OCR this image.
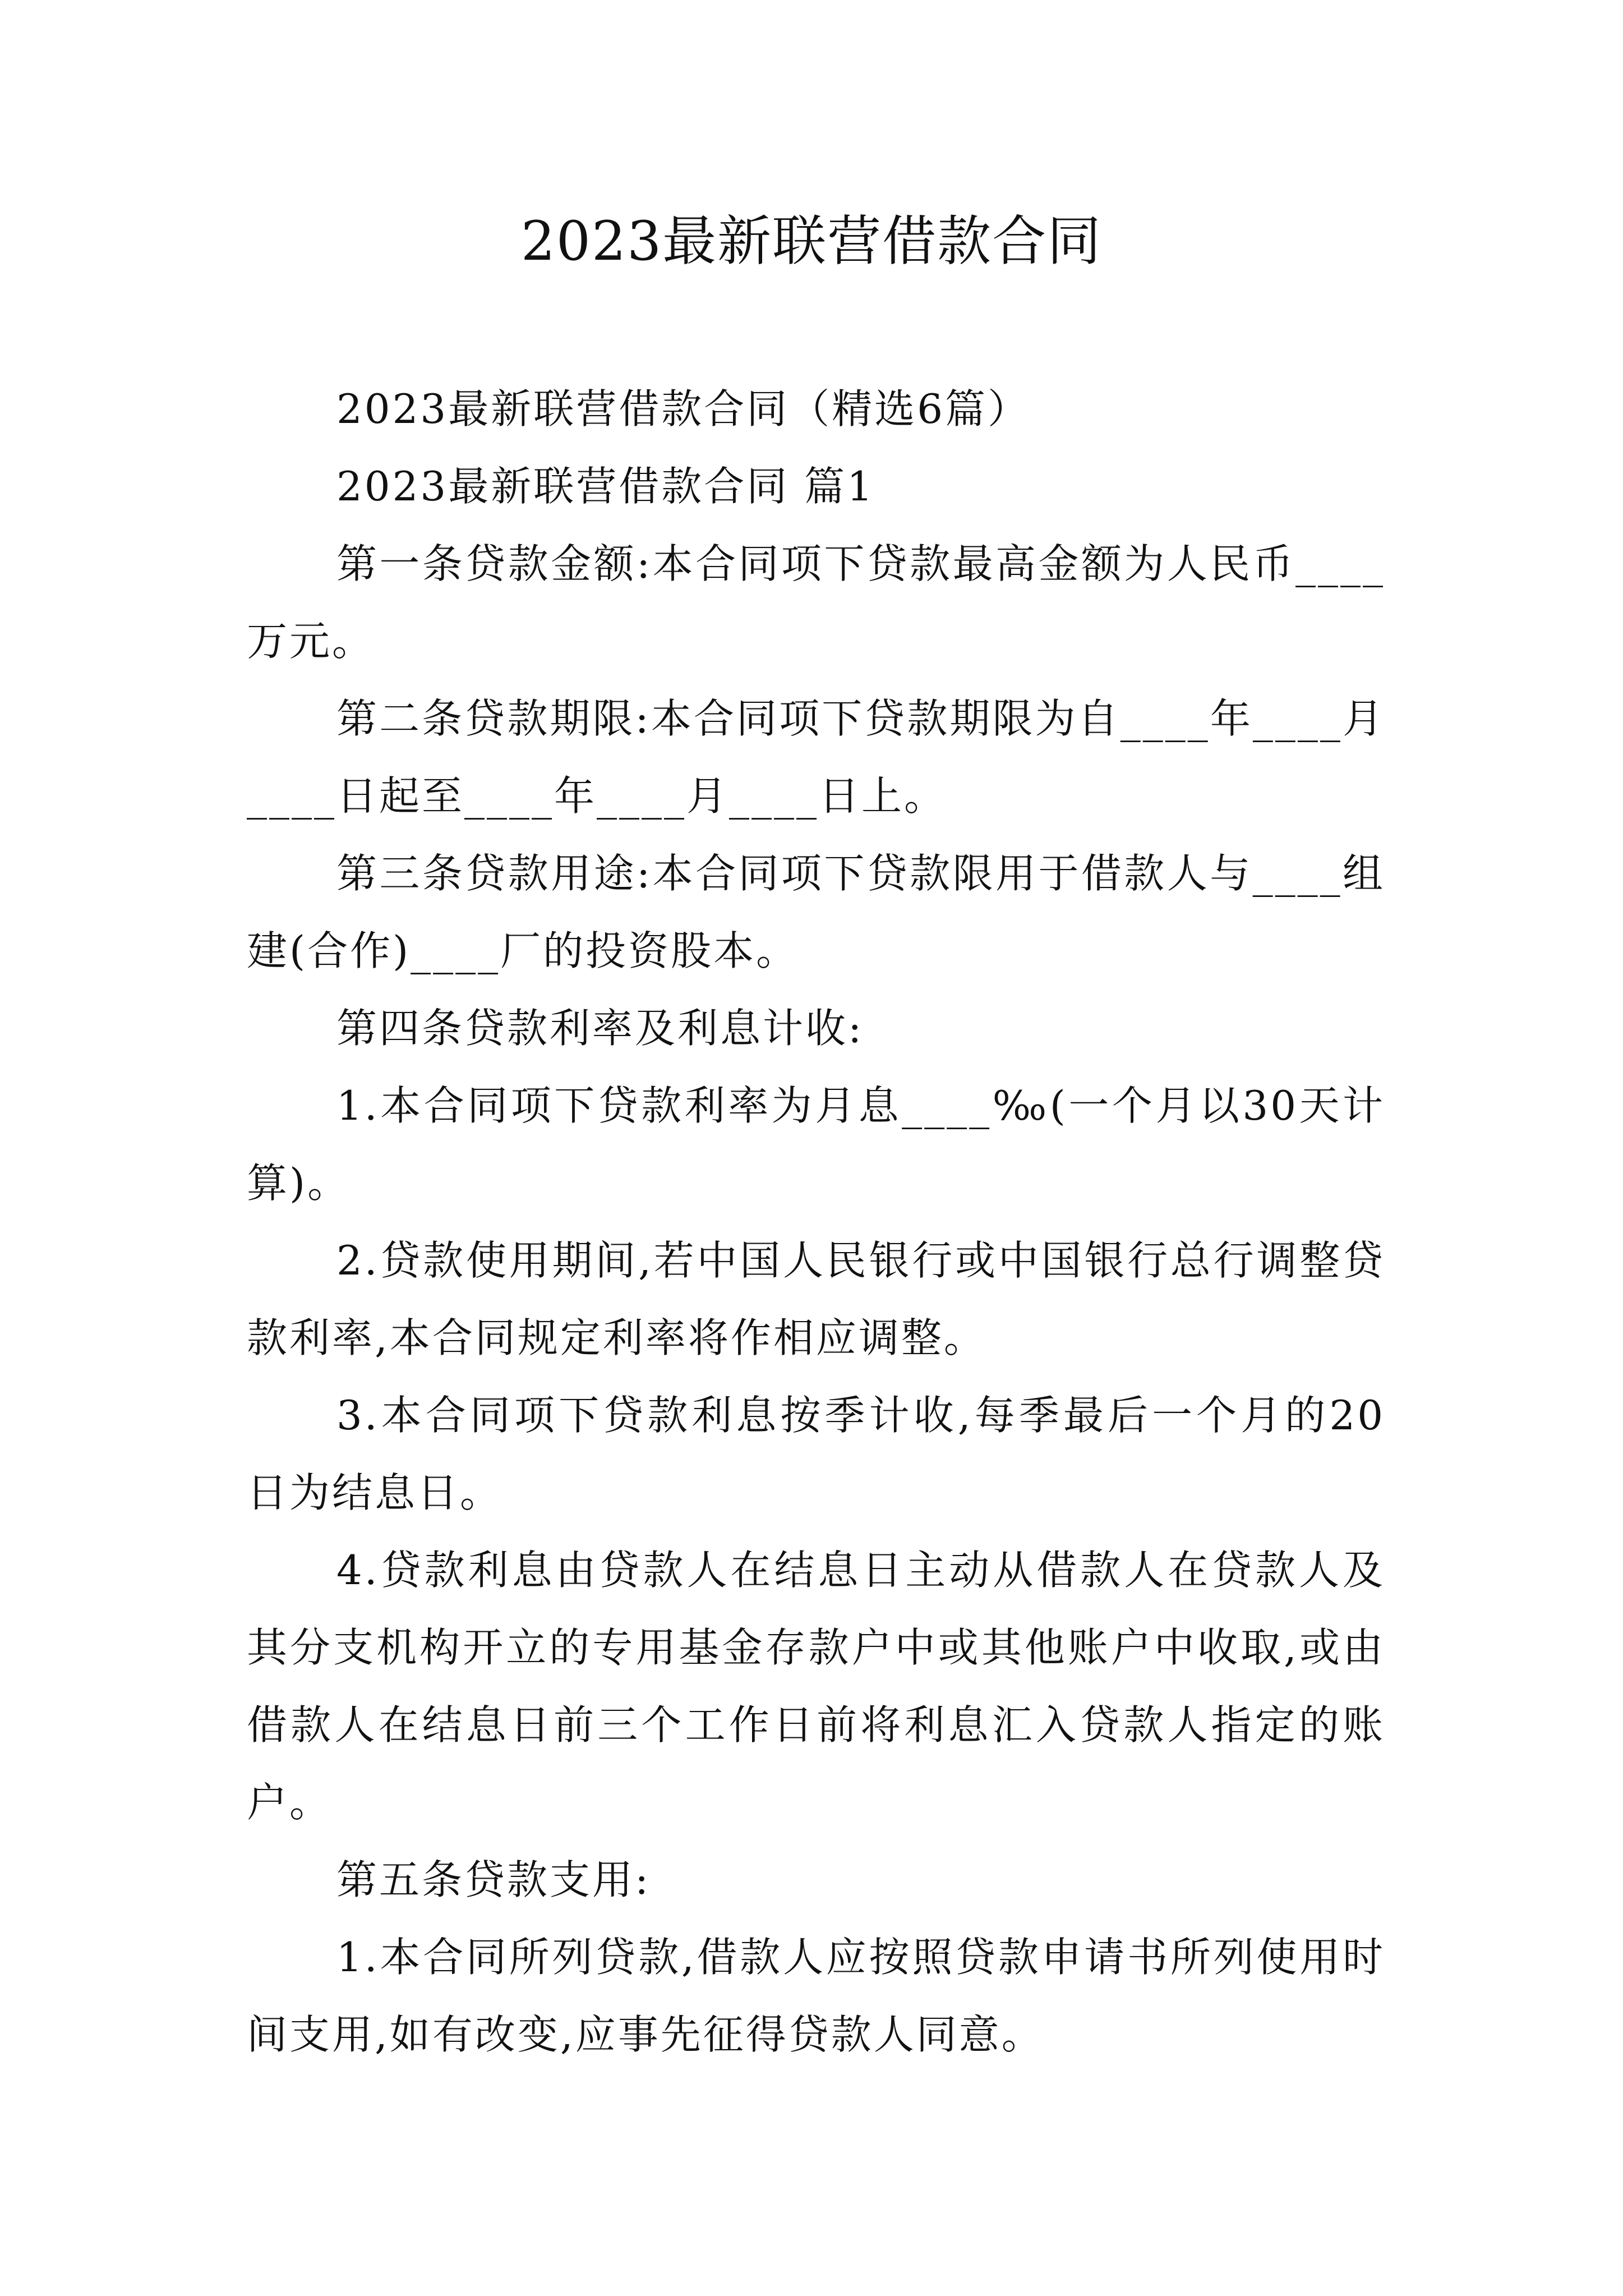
2023最新联营借款合同

2023最新联营借款合同（精选6篇）

2023最新联营借款合同 篇1

第一条贷款金额:本合同项下贷款最高金额为人民币____万元。

第二条贷款期限:本合同项下贷款期限为自____年____月____日起至____年____月____日上。

第三条贷款用途:本合同项下贷款限用于借款人与____组建(合作)____厂的投资股本。

第四条贷款利率及利息计收:

1.本合同项下贷款利率为月息____‰(一个月以30天计算)。

2.贷款使用期间,若中国人民银行或中国银行总行调整贷款利率,本合同规定利率将作相应调整。

3.本合同项下贷款利息按季计收,每季最后一个月的20日为结息日。

4.贷款利息由贷款人在结息日主动从借款人在贷款人及其分支机构开立的专用基金存款户中或其他账户中收取,或由借款人在结息日前三个工作日前将利息汇入贷款人指定的账户。

第五条贷款支用:

1.本合同所列贷款,借款人应按照贷款申请书所列使用时间支用,如有改变,应事先征得贷款人同意。
